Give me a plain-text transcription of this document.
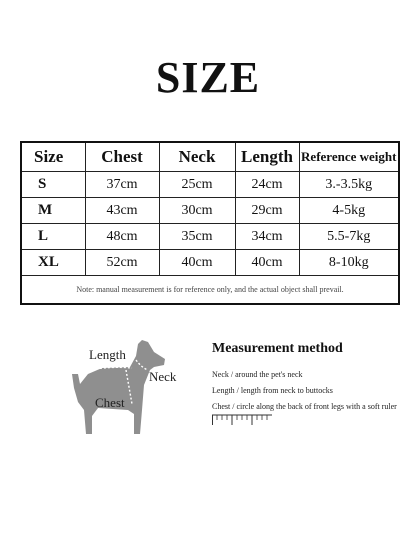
SIZE
Size	Chest	Neck	Length	Reference weight
S	37cm	25cm	24cm	3.-3.5kg
M	43cm	30cm	29cm	4-5kg
L	48cm	35cm	34cm	5.5-7kg
XL	52cm	40cm	40cm	8-10kg
Note: manual measurement is for reference only, and the actual object shall prevail.				
Length
Neck
Chest
Measurement method
Neck / around the pet's neck
Length / length from neck to buttocks
Chest / circle along the back of front legs with a soft ruler
